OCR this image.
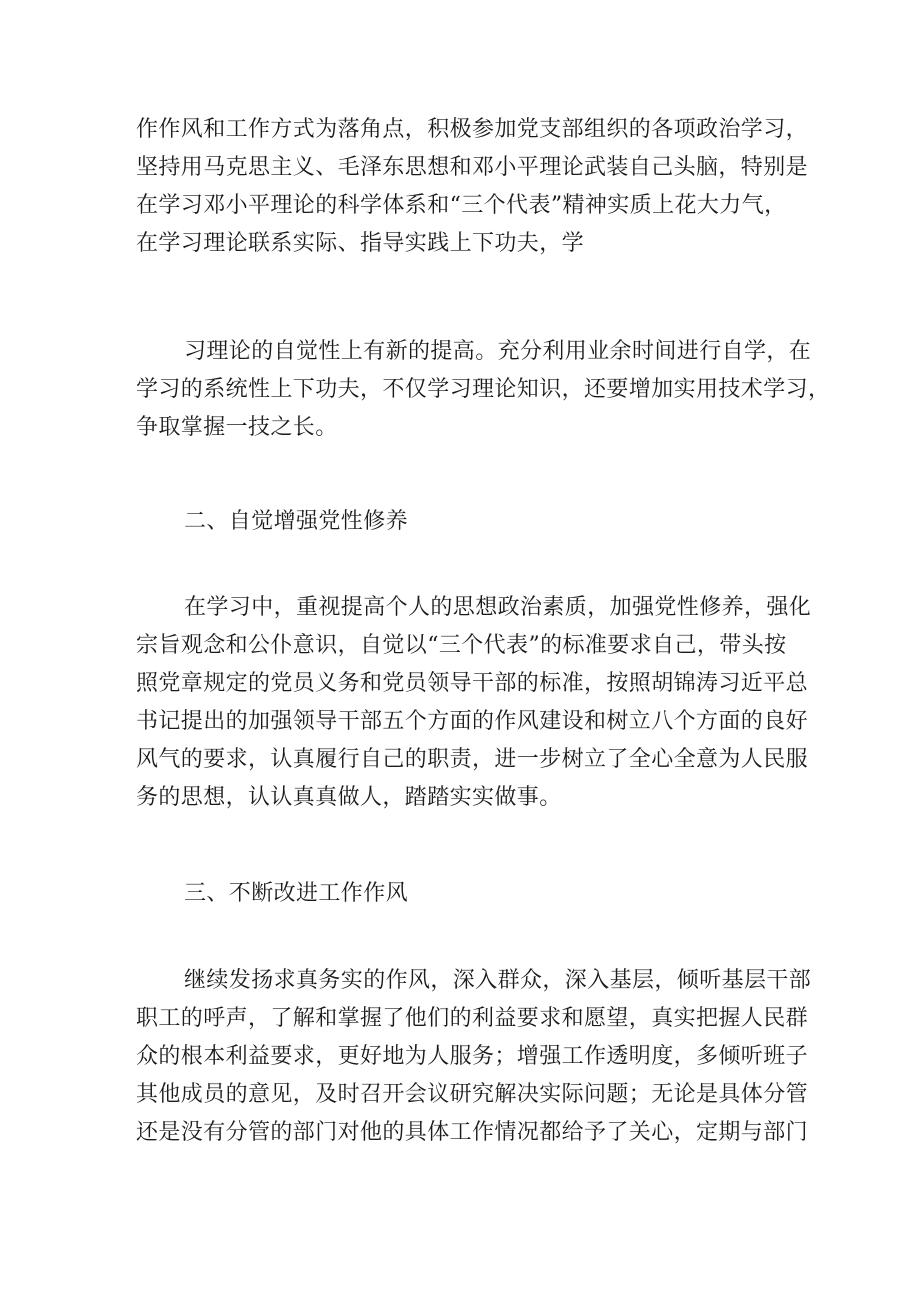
作作风和工作方式为落角点，积极参加党支部组织的各项政治学习，
坚持用马克思主义、毛泽东思想和邓小平理论武装自己头脑，特别是
在学习邓小平理论的科学体系和“三个代表”精神实质上花大力气，
在学习理论联系实际、指导实践上下功夫，学
习理论的自觉性上有新的提高。充分利用业余时间进行自学，在
学习的系统性上下功夫，不仅学习理论知识，还要增加实用技术学习，
争取掌握一技之长。
二、自觉增强党性修养
在学习中，重视提高个人的思想政治素质，加强党性修养，强化
宗旨观念和公仆意识，自觉以“三个代表”的标准要求自己，带头按
照党章规定的党员义务和党员领导干部的标准，按照胡锦涛习近平总
书记提出的加强领导干部五个方面的作风建设和树立八个方面的良好
风气的要求，认真履行自己的职责，进一步树立了全心全意为人民服
务的思想，认认真真做人，踏踏实实做事。
三、不断改进工作作风
继续发扬求真务实的作风，深入群众，深入基层，倾听基层干部
职工的呼声，了解和掌握了他们的利益要求和愿望，真实把握人民群
众的根本利益要求，更好地为人服务；增强工作透明度，多倾听班子
其他成员的意见，及时召开会议研究解决实际问题；无论是具体分管
还是没有分管的部门对他的具体工作情况都给予了关心，定期与部门
